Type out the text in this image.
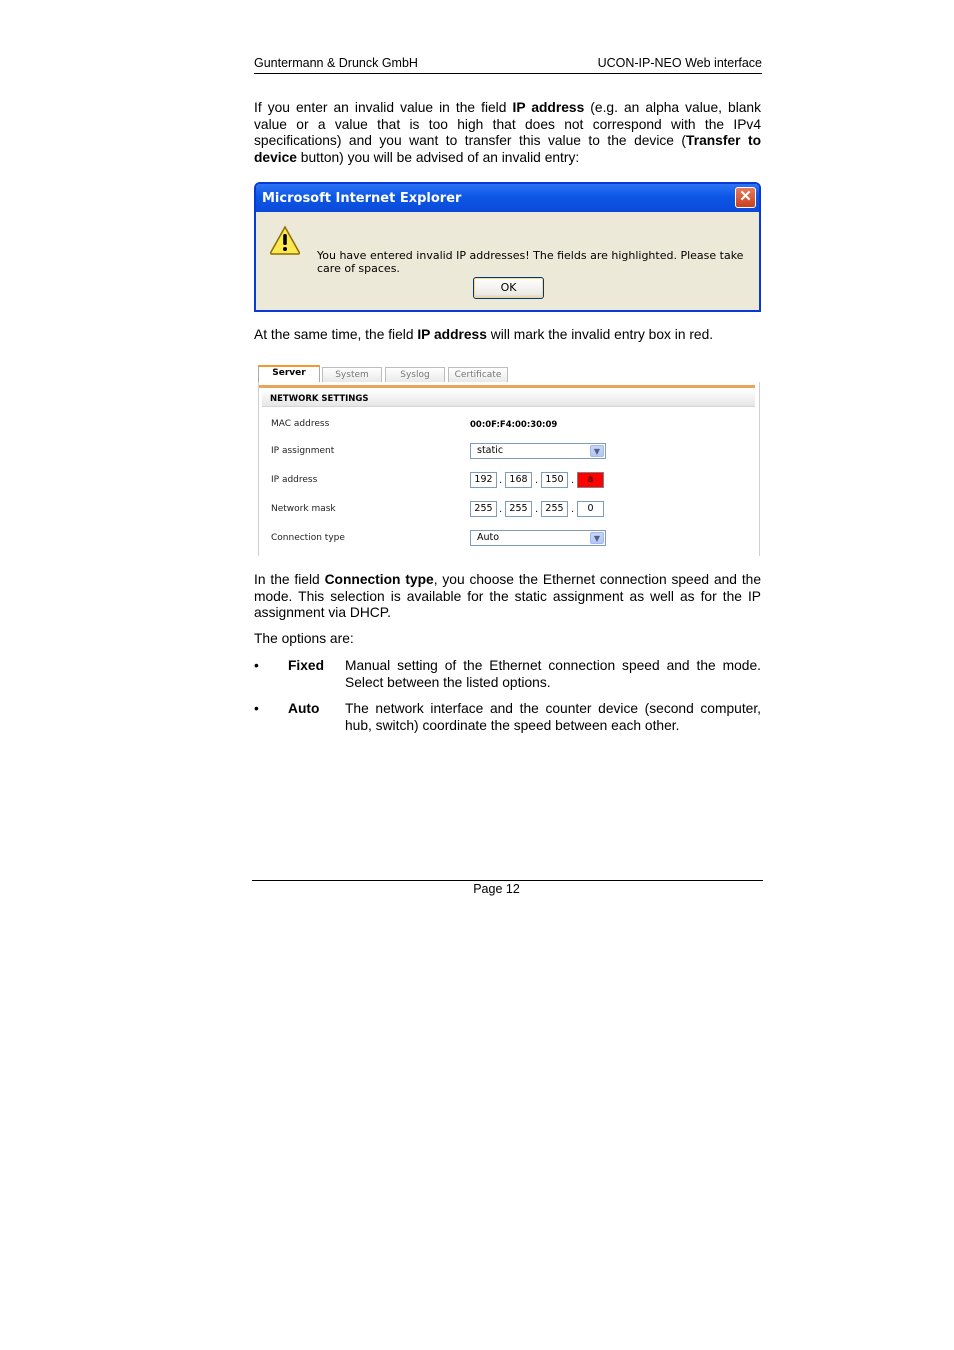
Guntermann & Drunck GmbH	UCON-IP-NEO Web interface

If you enter an invalid value in the field IP address (e.g. an alpha value, blank value or a value that is too high that does not correspond with the IPv4 specifications) and you want to transfer this value to the device (Transfer to device button) you will be advised of an invalid entry:

Microsoft Internet Explorer	✕
You have entered invalid IP addresses! The fields are highlighted. Please take care of spaces.
OK

At the same time, the field IP address will mark the invalid entry box in red.

Server	System	Syslog	Certificate
NETWORK SETTINGS
MAC address	00:0F:F4:00:30:09
IP assignment	static	▼
IP address	192 . 168 . 150 .	a
Network mask	255 . 255 . 255 .	0
Connection type	Auto	▼

In the field Connection type, you choose the Ethernet connection speed and the mode. This selection is available for the static assignment as well as for the IP assignment via DHCP.

The options are:

• Fixed Manual setting of the Ethernet connection speed and the mode. Select between the listed options.

• Auto The network interface and the counter device (second computer, hub, switch) coordinate the speed between each other.

Page 12
